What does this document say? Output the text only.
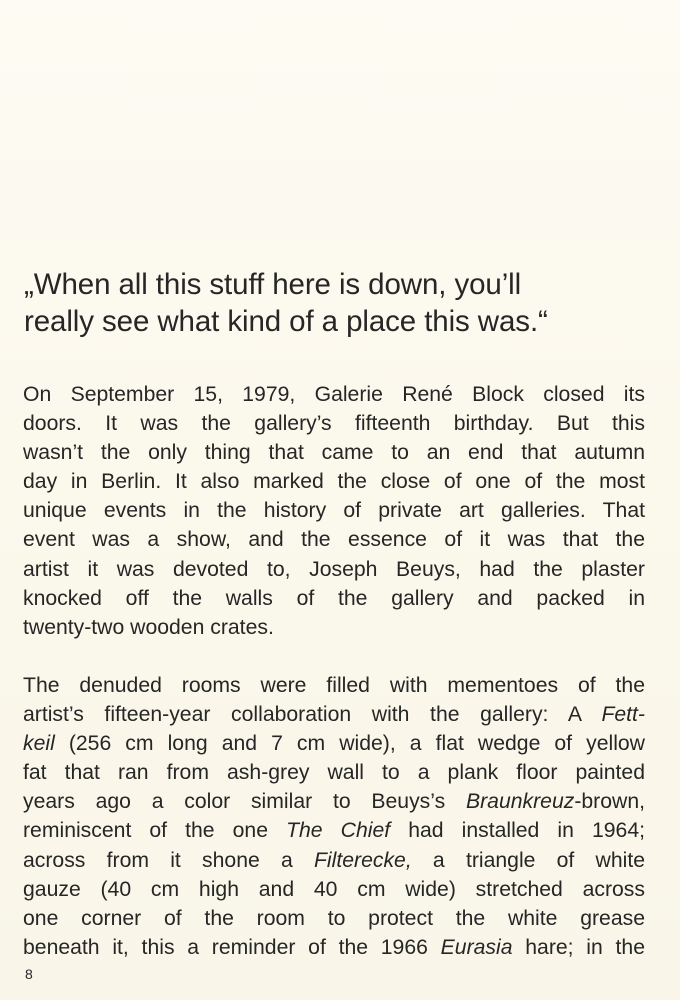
„When all this stuff here is down, you’ll
really see what kind of a place this was.“

On September 15, 1979, Galerie René Block closed its
doors. It was the gallery’s fifteenth birthday. But this
wasn’t the only thing that came to an end that autumn
day in Berlin. It also marked the close of one of the most
unique events in the history of private art galleries. That
event was a show, and the essence of it was that the
artist it was devoted to, Joseph Beuys, had the plaster
knocked off the walls of the gallery and packed in
twenty-two wooden crates.

The denuded rooms were filled with mementoes of the
artist’s fifteen-year collaboration with the gallery: A Fett-
keil (256 cm long and 7 cm wide), a flat wedge of yellow
fat that ran from ash-grey wall to a plank floor painted
years ago a color similar to Beuys’s Braunkreuz-brown,
reminiscent of the one The Chief had installed in 1964;
across from it shone a Filterecke, a triangle of white
gauze (40 cm high and 40 cm wide) stretched across
one corner of the room to protect the white grease
beneath it, this a reminder of the 1966 Eurasia hare; in the

8
